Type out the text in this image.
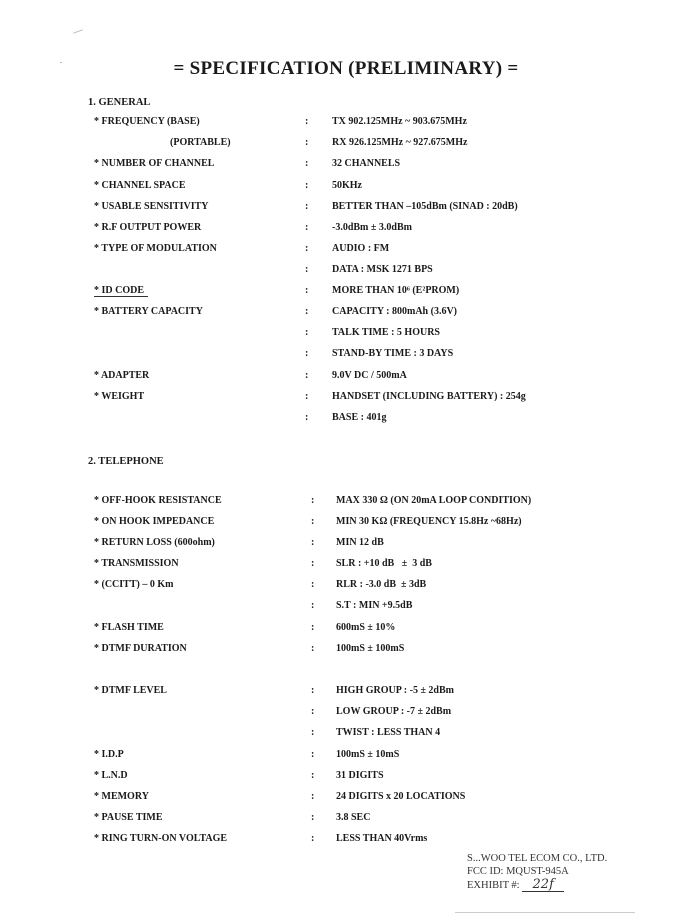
= SPECIFICATION (PRELIMINARY) =
1. GENERAL
* FREQUENCY (BASE)	: TX 902.125MHz ~ 903.675MHz
(PORTABLE)	: RX 926.125MHz ~ 927.675MHz
* NUMBER OF CHANNEL	: 32 CHANNELS
* CHANNEL SPACE	: 50KHz
* USABLE SENSITIVITY	: BETTER THAN –105dBm (SINAD : 20dB)
* R.F OUTPUT POWER	: -3.0dBm ± 3.0dBm
* TYPE OF MODULATION	: AUDIO : FM
: DATA : MSK 1271 BPS
* ID CODE	: MORE THAN 10⁶ (E²PROM)
* BATTERY CAPACITY	: CAPACITY : 800mAh (3.6V)
: TALK TIME : 5 HOURS
: STAND-BY TIME : 3 DAYS
* ADAPTER	: 9.0V DC / 500mA
* WEIGHT	: HANDSET (INCLUDING BATTERY) : 254g
: BASE : 401g
2. TELEPHONE
* OFF-HOOK RESISTANCE	: MAX 330 Ω (ON 20mA LOOP CONDITION)
* ON HOOK IMPEDANCE	: MIN 30 KΩ (FREQUENCY 15.8Hz ~68Hz)
* RETURN LOSS (600ohm)	: MIN 12 dB
* TRANSMISSION	: SLR : +10 dB   ±  3 dB
* (CCITT) – 0 Km	: RLR : -3.0 dB  ± 3dB
: S.T : MIN +9.5dB
* FLASH TIME	: 600mS ± 10%
* DTMF DURATION	: 100mS ± 100mS
* DTMF LEVEL	: HIGH GROUP : -5 ± 2dBm
: LOW GROUP : -7 ± 2dBm
: TWIST : LESS THAN 4
* I.D.P	: 100mS ± 10mS
* L.N.D	: 31 DIGITS
* MEMORY	: 24 DIGITS x 20 LOCATIONS
* PAUSE TIME	: 3.8 SEC
* RING TURN-ON VOLTAGE	: LESS THAN 40Vrms
S...WOO TEL ECOM CO., LTD.
FCC ID: MQUST-945A
EXHIBIT #: 22f
